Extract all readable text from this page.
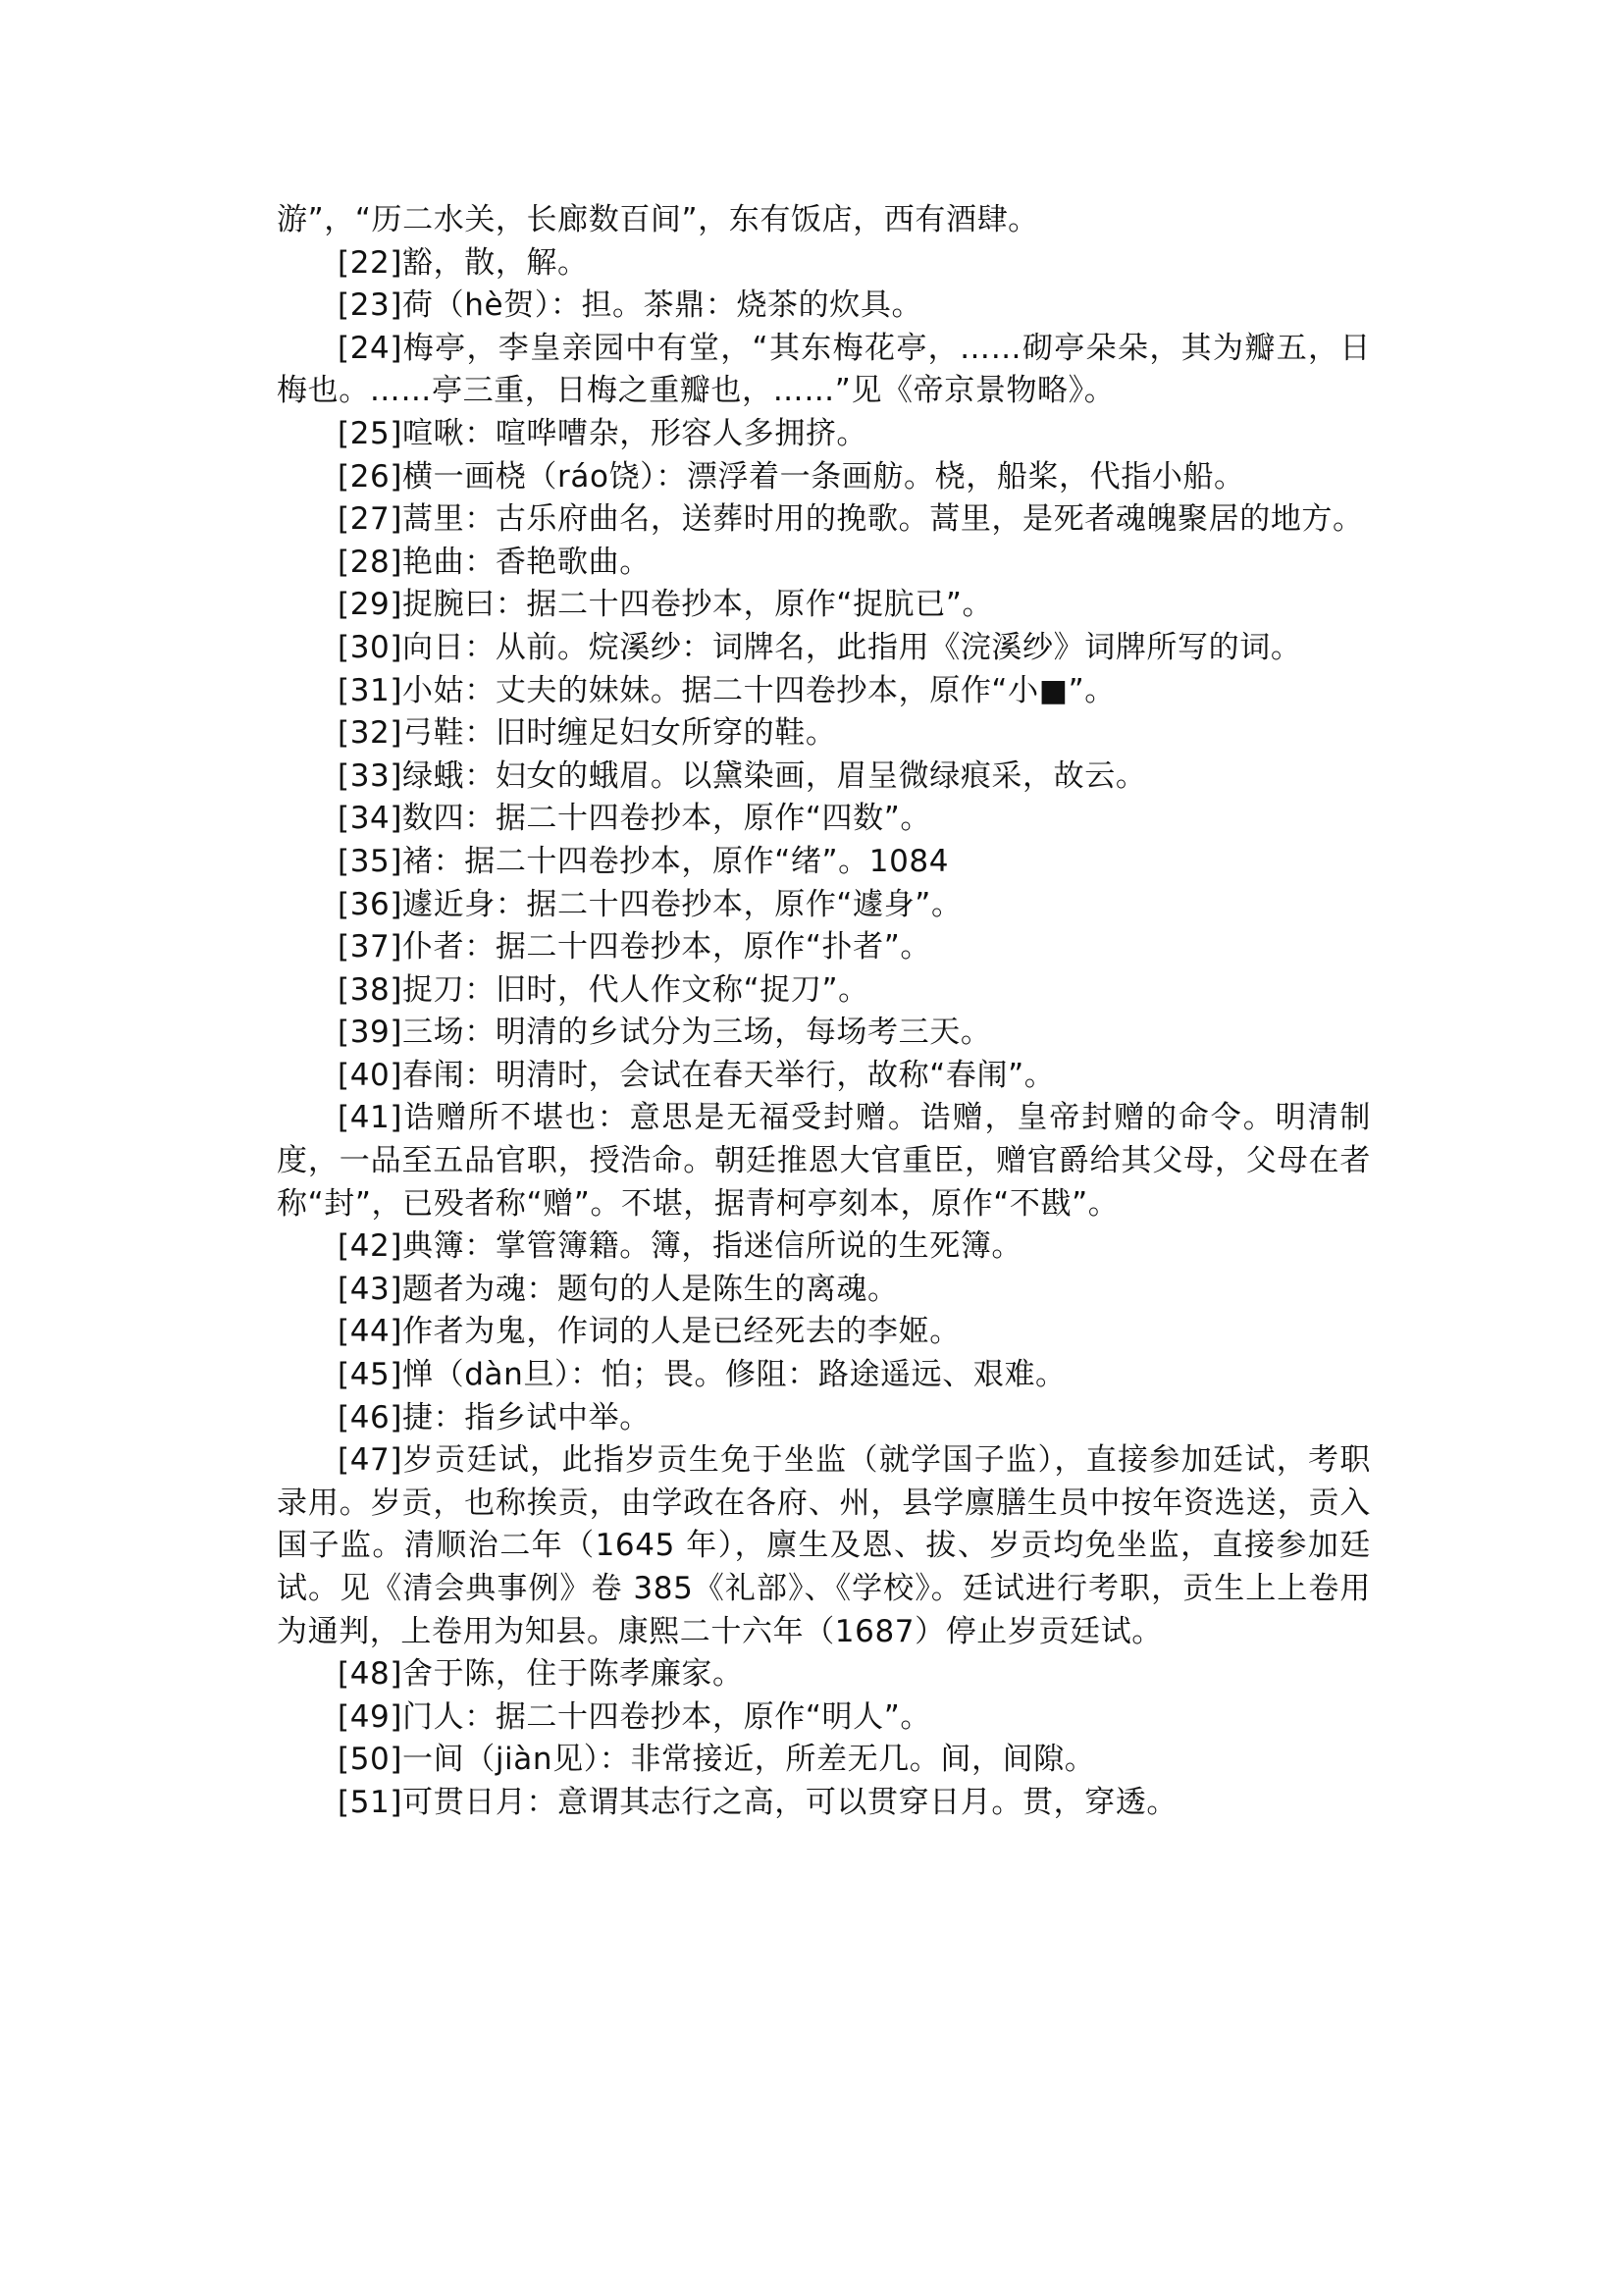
游”，“历二水关，长廊数百间”，东有饭店，西有酒肆。

[22]豁，散，解。

[23]荷（hè贺）：担。茶鼎：烧茶的炊具。

[24]梅亭，李皇亲园中有堂，“其东梅花亭，……砌亭朵朵，其为瓣五，日梅也。……亭三重，日梅之重瓣也，……”见《帝京景物略》。

[25]喧啾：喧哗嘈杂，形容人多拥挤。

[26]横一画桡（ráo饶）：漂浮着一条画舫。桡，船桨，代指小船。

[27]蒿里：古乐府曲名，送葬时用的挽歌。蒿里，是死者魂魄聚居的地方。

[28]艳曲：香艳歌曲。

[29]捉腕曰：据二十四卷抄本，原作“捉肮已”。

[30]向日：从前。烷溪纱：词牌名，此指用《浣溪纱》词牌所写的词。

[31]小姑：丈夫的妹妹。据二十四卷抄本，原作“小■”。

[32]弓鞋：旧时缠足妇女所穿的鞋。

[33]绿蛾：妇女的蛾眉。以黛染画，眉呈微绿痕采，故云。

[34]数四：据二十四卷抄本，原作“四数”。

[35]褚：据二十四卷抄本，原作“绪”。1084

[36]遽近身：据二十四卷抄本，原作“遽身”。

[37]仆者：据二十四卷抄本，原作“扑者”。

[38]捉刀：旧时，代人作文称“捉刀”。

[39]三场：明清的乡试分为三场，每场考三天。

[40]春闱：明清时，会试在春天举行，故称“春闱”。

[41]诰赠所不堪也：意思是无福受封赠。诰赠，皇帝封赠的命令。明清制度，一品至五品官职，授浩命。朝廷推恩大官重臣，赠官爵给其父母，父母在者称“封”，已殁者称“赠”。不堪，据青柯亭刻本，原作“不戡”。

[42]典簿：掌管簿籍。簿，指迷信所说的生死簿。

[43]题者为魂：题句的人是陈生的离魂。

[44]作者为鬼，作词的人是已经死去的李姬。

[45]惮（dàn旦）：怕；畏。修阻：路途遥远、艰难。

[46]捷：指乡试中举。

[47]岁贡廷试，此指岁贡生免于坐监（就学国子监），直接参加廷试，考职录用。岁贡，也称挨贡，由学政在各府、州，县学廪膳生员中按年资选送，贡入国子监。清顺治二年（1645 年），廪生及恩、拔、岁贡均免坐监，直接参加廷试。见《清会典事例》卷 385《礼部》、《学校》。廷试进行考职，贡生上上卷用为通判，上卷用为知县。康熙二十六年（1687）停止岁贡廷试。

[48]舍于陈，住于陈孝廉家。

[49]门人：据二十四卷抄本，原作“明人”。

[50]一间（jiàn见）：非常接近，所差无几。间，间隙。

[51]可贯日月：意谓其志行之高，可以贯穿日月。贯，穿透。
